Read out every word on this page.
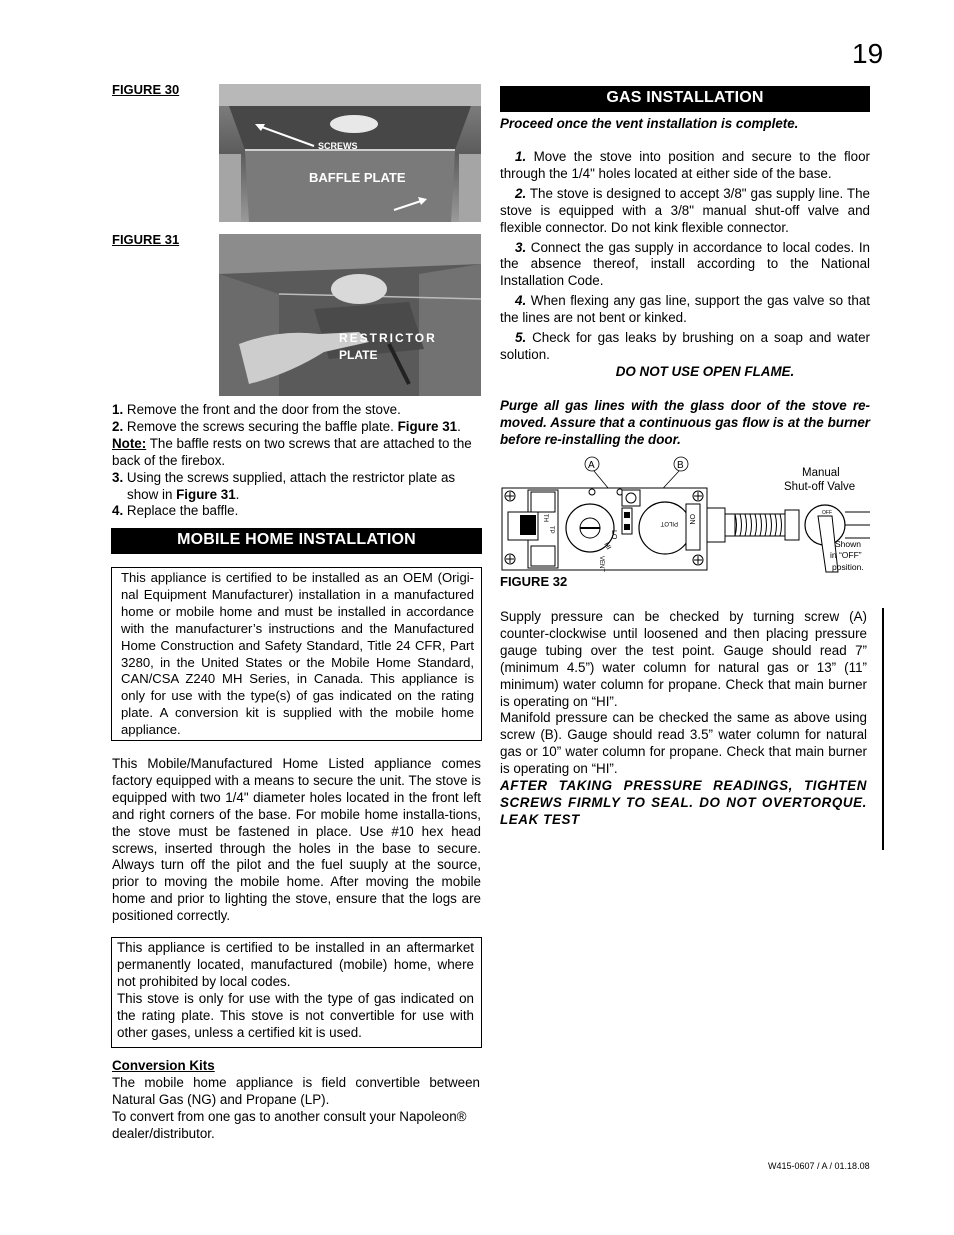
19
FIGURE 30
SCREWS
BAFFLE PLATE
FIGURE 31
RESTRICTOR
PLATE

1. Remove the front and the door from the stove.

2. Remove the screws securing the baffle plate. Figure 31.

Note: The baffle rests on two screws that are attached to the back of the firebox.

3. Using the screws supplied, attach the restrictor plate as show in Figure 31.

4. Replace the baffle.

MOBILE HOME INSTALLATION
This appliance is certified to be installed as an OEM (Origi-nal Equipment Manufacturer) installation in a manufactured home or mobile home and must be installed in accordance with the manufacturer’s instructions and the Manufactured Home Construction and Safety Standard, Title 24 CFR, Part 3280, in the United States or the Mobile Home Standard, CAN/CSA Z240 MH Series, in Canada. This appliance is only for use with the type(s) of gas indicated on the rating plate. A conversion kit is supplied with the mobile home appliance.
This Mobile/Manufactured Home Listed appliance comes factory equipped with a means to secure the unit. The stove is equipped with two 1/4" diameter holes located in the front left and right corners of the base. For mobile home installa-tions, the stove must be fastened in place. Use #10 hex head screws, inserted through the holes in the base to secure. Always turn off the pilot and the fuel suuply at the source, prior to moving the mobile home. After moving the mobile home and prior to lighting the stove, ensure that the logs are positioned correctly.

This appliance is certified to be installed in an aftermarket permanently located, manufactured (mobile) home, where not prohibited by local codes.

This stove is only for use with the type of gas indicated on the rating plate. This stove is not convertible for use with other gases, unless a certified kit is used.

Conversion Kits

The mobile home appliance is field convertible between Natural Gas (NG) and Propane (LP).

To convert from one gas to another consult your Napoleon® dealer/distributor.

GAS INSTALLATION
Proceed once the vent installation is complete.

1. Move the stove into position and secure to the floor through the 1/4" holes located at either side of the base.

2. The stove is designed to accept 3/8" gas supply line. The stove is equipped with a 3/8" manual shut-off valve and flexible connector. Do not kink flexible connector.

3. Connect the gas supply in accordance to local codes. In the absence thereof, install according to the National Installation Code.

4. When flexing any gas line, support the gas valve so that the lines are not bent or kinked.

5. Check for gas leaks by brushing on a soap and water solution.

DO NOT USE OPEN FLAME.

Purge all gas lines with the glass door of the stove re-moved. Assure that a continuous gas flow is at the burner before re-installing the door.
A	B
TH
TP
LO
HI
VENT
PILOT ON
OFF
Manual
Shut-off Valve
Shown
in “OFF”
position.
FIGURE 32

Supply pressure can be checked by turning screw (A) counter-clockwise until loosened and then placing pressure gauge tubing over the test point. Gauge should read 7” (minimum 4.5”) water column for natural gas or 13” (11” minimum) water column for propane. Check that main burner is operating on “HI”.

Manifold pressure can be checked the same as above using screw (B). Gauge should read 3.5” water column for natural gas or 10” water column for propane. Check that main burner is operating on “HI”.

AFTER TAKING PRESSURE READINGS, TIGHTEN SCREWS FIRMLY TO SEAL. DO NOT OVERTORQUE. LEAK TEST

W415-0607 / A / 01.18.08
